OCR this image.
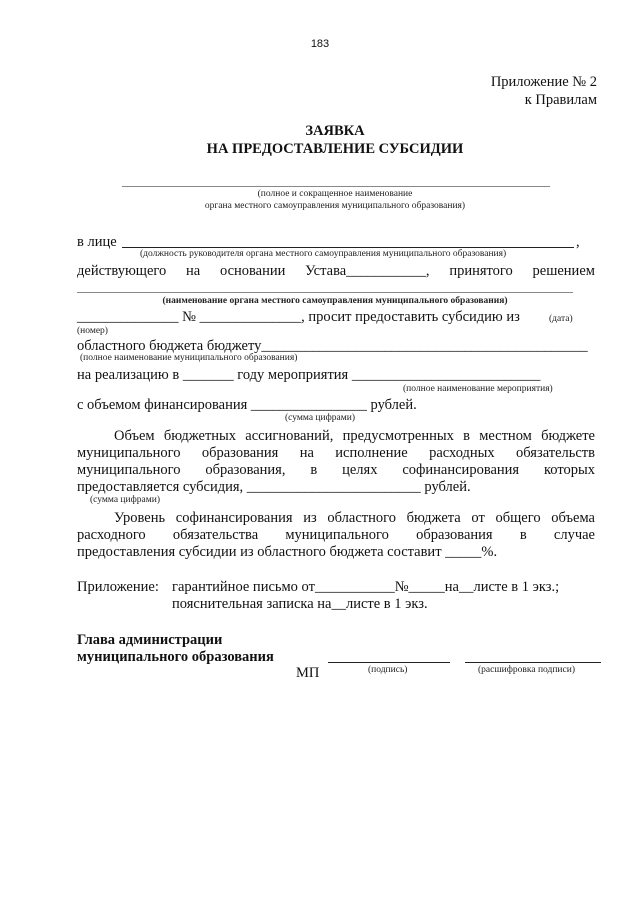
183
Приложение № 2
к Правилам
ЗАЯВКА
НА ПРЕДОСТАВЛЕНИЕ СУБСИДИИ
(полное и сокращенное наименование
органа местного самоуправления муниципального образования)
в лице	,
(должность руководителя органа местного самоуправления муниципального образования)
действующего на основании Устава___________, принятого решением
(наименование органа местного самоуправления муниципального образования)
______________ № ______________, просит предоставить субсидию из	(дата)
(номер)
областного бюджета бюджету_____________________________________________
(полное наименование муниципального образования)
на реализацию в _______ году мероприятия __________________________
(полное наименование мероприятия)
с объемом финансирования ________________ рублей.
(сумма цифрами)
Объем бюджетных ассигнований, предусмотренных в местном бюджете
муниципального образования на исполнение расходных обязательств
муниципального образования, в целях софинансирования которых
предоставляется субсидия, ________________________ рублей.
(сумма цифрами)
Уровень софинансирования из областного бюджета от общего объема
расходного обязательства муниципального образования в случае
предоставления субсидии из областного бюджета составит _____%.
Приложение: гарантийное письмо от___________№_____на__листе в 1 экз.;
пояснительная записка на__листе в 1 экз.
Глава администрации
муниципального образования
МП	(подпись)	(расшифровка подписи)
